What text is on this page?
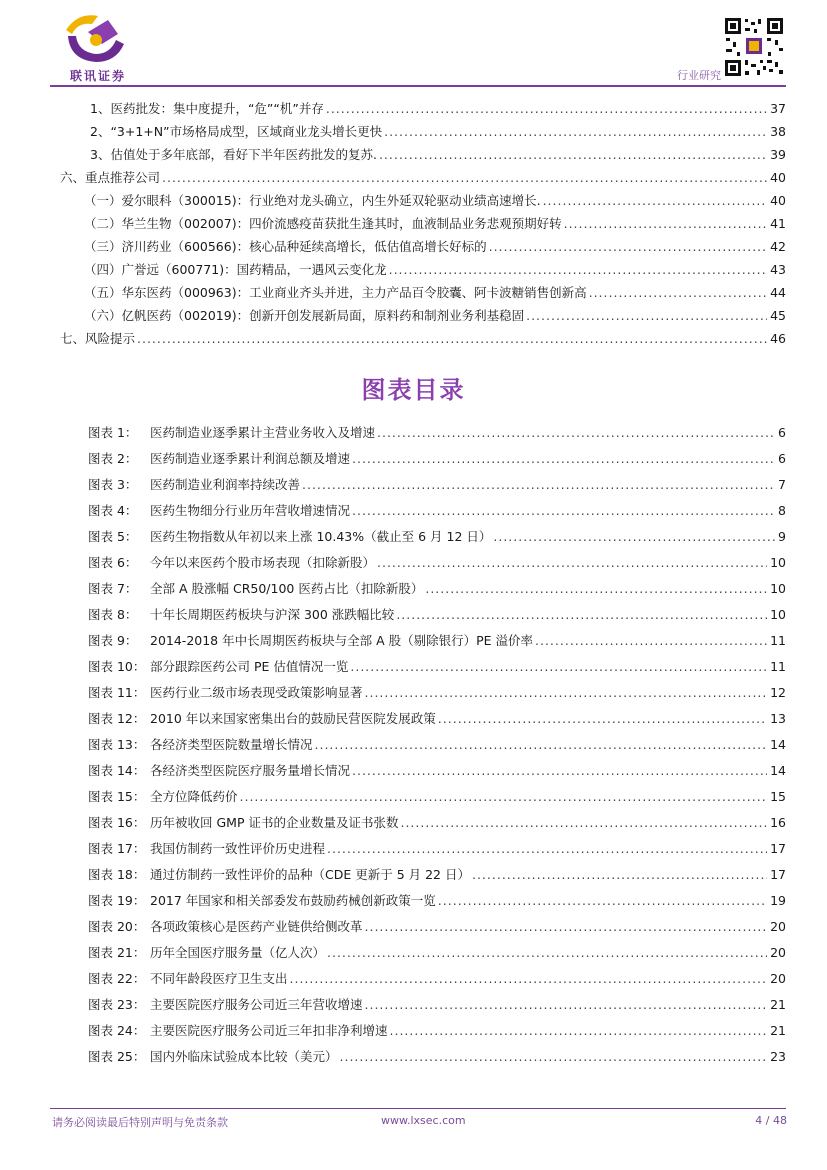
联讯证券	行业研究
1、医药批发：集中度提升，“危”“机”并存 .....	37
2、“3+1+N”市场格局成型，区域商业龙头增长更快 .....	38
3、估值处于多年底部，看好下半年医药批发的复苏. .....	39
六、重点推荐公司 .....	40
（一）爱尔眼科（300015)：行业绝对龙头确立，内生外延双轮驱动业绩高速增长. .....	40
（二）华兰生物（002007)：四价流感疫苗获批生逢其时，血液制品业务悲观预期好转 .....	41
（三）济川药业（600566)：核心品种延续高增长，低估值高增长好标的 .....	42
（四）广誉远（600771)：国药精品，一遇风云变化龙 .....	43
（五）华东医药（000963)：工业商业齐头并进，主力产品百令胶囊、阿卡波糖销售创新高 .....	44
（六）亿帆医药（002019)：创新开创发展新局面，原料药和制剂业务利基稳固 .....	45
七、风险提示 .....	46
图表目录
图表 1：	医药制造业逐季累计主营业务收入及增速 .....	6
图表 2：	医药制造业逐季累计利润总额及增速 .....	6
图表 3：	医药制造业利润率持续改善 .....	7
图表 4：	医药生物细分行业历年营收增速情况 .....	8
图表 5：	医药生物指数从年初以来上涨 10.43%（截止至 6 月 12 日） .....	9
图表 6：	今年以来医药个股市场表现（扣除新股） .....	10
图表 7：	全部 A 股涨幅 CR50/100 医药占比（扣除新股） .....	10
图表 8：	十年长周期医药板块与沪深 300 涨跌幅比较 .....	10
图表 9：	2014-2018 年中长周期医药板块与全部 A 股（剔除银行）PE 溢价率 .....	11
图表 10： 部分跟踪医药公司 PE 估值情况一览 .....	11
图表 11： 医药行业二级市场表现受政策影响显著 .....	12
图表 12： 2010 年以来国家密集出台的鼓励民营医院发展政策 .....	13
图表 13： 各经济类型医院数量增长情况 .....	14
图表 14： 各经济类型医院医疗服务量增长情况 .....	14
图表 15： 全方位降低药价 .....	15
图表 16： 历年被收回 GMP 证书的企业数量及证书张数 .....	16
图表 17： 我国仿制药一致性评价历史进程 .....	17
图表 18： 通过仿制药一致性评价的品种（CDE 更新于 5 月 22 日） .....	17
图表 19： 2017 年国家和相关部委发布鼓励药械创新政策一览 .....	19
图表 20： 各项政策核心是医药产业链供给侧改革 .....	20
图表 21： 历年全国医疗服务量（亿人次） .....	20
图表 22： 不同年龄段医疗卫生支出 .....	20
图表 23： 主要医院医疗服务公司近三年营收增速 .....	21
图表 24： 主要医院医疗服务公司近三年扣非净利增速 .....	21
图表 25： 国内外临床试验成本比较（美元） .....	23
请务必阅读最后特别声明与免责条款	www.lxsec.com	4 / 48
